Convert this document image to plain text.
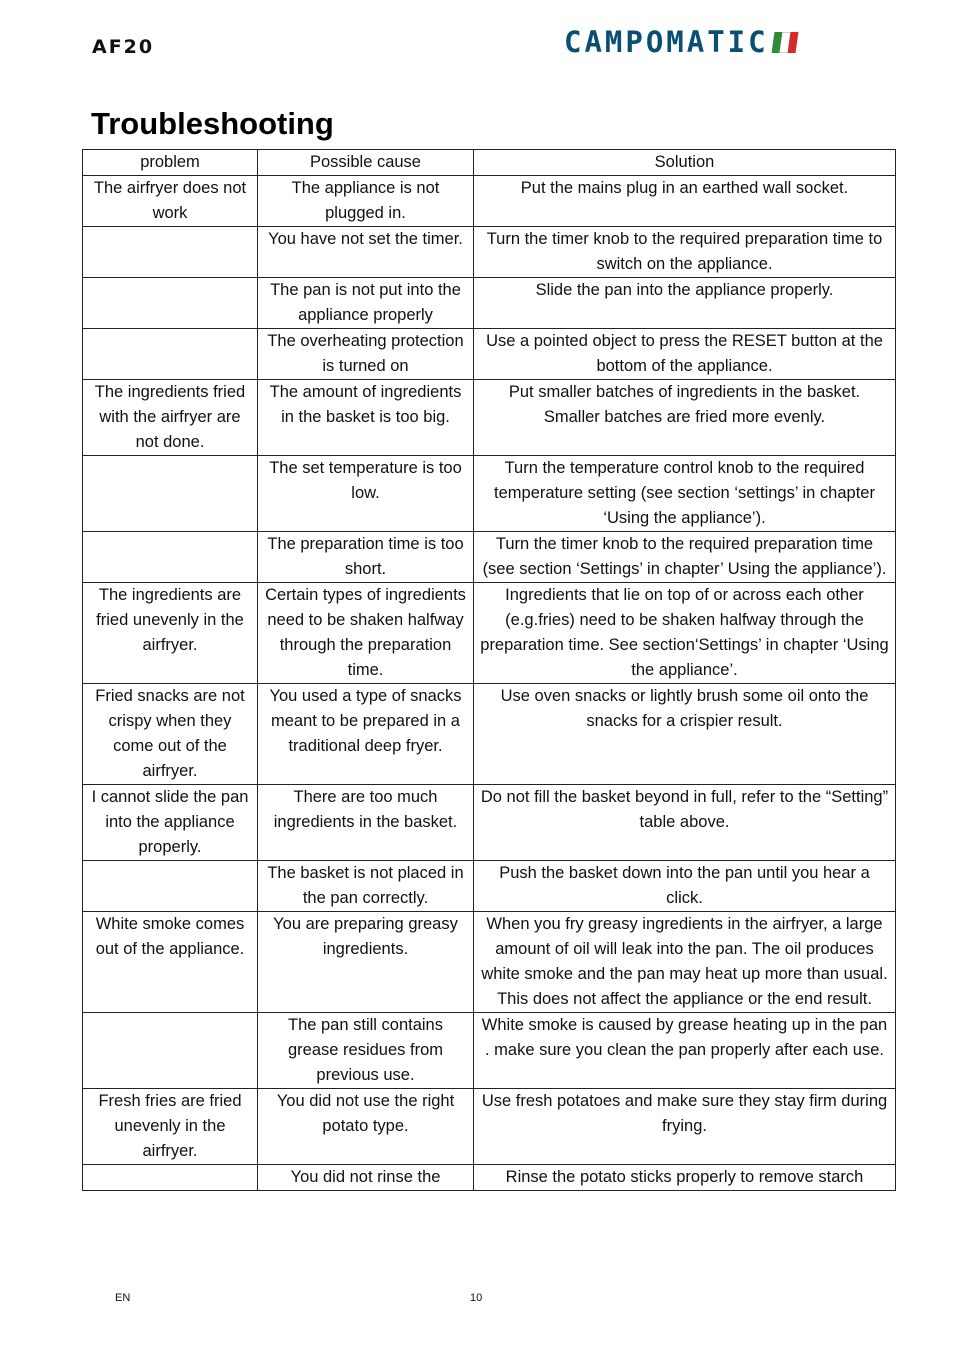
AF20	CAMPOMATIC
Troubleshooting
problem	Possible cause	Solution
The airfryer does not work	The appliance is not plugged in.	Put the mains plug in an earthed wall socket.
	You have not set the timer.	Turn the timer knob to the required preparation time to switch on the appliance.
	The pan is not put into the appliance properly	Slide the pan into the appliance properly.
	The overheating protection is turned on	Use a pointed object to press the RESET button at the bottom of the appliance.
The ingredients fried with the airfryer are not done.	The amount of ingredients in the basket is too big.	Put smaller batches of ingredients in the basket. Smaller batches are fried more evenly.
	The set temperature is too low.	Turn the temperature control knob to the required temperature setting (see section ‘settings’ in chapter ‘Using the appliance’).
	The preparation time is too short.	Turn the timer knob to the required preparation time (see section ‘Settings’ in chapter’ Using the appliance’).
The ingredients are fried unevenly in the airfryer.	Certain types of ingredients need to be shaken halfway through the preparation time.	Ingredients that lie on top of or across each other (e.g.fries) need to be shaken halfway through the preparation time. See section‘Settings’ in chapter ‘Using the appliance’.
Fried snacks are not crispy when they come out of the airfryer.	You used a type of snacks meant to be prepared in a traditional deep fryer.	Use oven snacks or lightly brush some oil onto the snacks for a crispier result.
I cannot slide the pan into the appliance properly.	There are too much ingredients in the basket.	Do not fill the basket beyond in full, refer to the “Setting” table above.
	The basket is not placed in the pan correctly.	Push the basket down into the pan until you hear a click.
White smoke comes out of the appliance.	You are preparing greasy ingredients.	When you fry greasy ingredients in the airfryer, a large amount of oil will leak into the pan. The oil produces white smoke and the pan may heat up more than usual. This does not affect the appliance or the end result.
	The pan still contains grease residues from previous use.	White smoke is caused by grease heating up in the pan . make sure you clean the pan properly after each use.
Fresh fries are fried unevenly in the airfryer.	You did not use the right potato type.	Use fresh potatoes and make sure they stay firm during frying.
	You did not rinse the	Rinse the potato sticks properly to remove starch
EN	10
